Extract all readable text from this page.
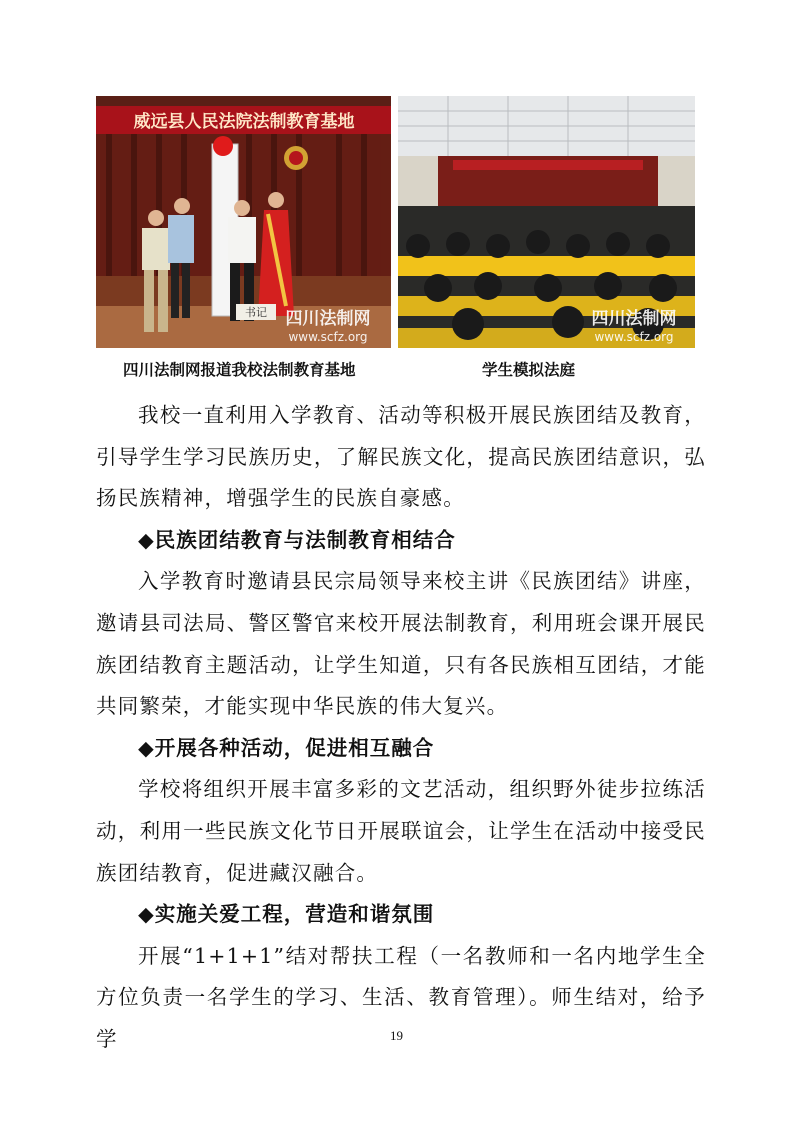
威远县人民法院法制教育基地
书记 四川法制网
www.scfz.org
四川法制网
www.scfz.org
四川法制网报道我校法制教育基地	学生模拟法庭

我校一直利用入学教育、活动等积极开展民族团结及教育，引导学生学习民族历史，了解民族文化，提高民族团结意识，弘扬民族精神，增强学生的民族自豪感。

◆民族团结教育与法制教育相结合

入学教育时邀请县民宗局领导来校主讲《民族团结》讲座，邀请县司法局、警区警官来校开展法制教育，利用班会课开展民族团结教育主题活动，让学生知道，只有各民族相互团结，才能共同繁荣，才能实现中华民族的伟大复兴。

◆开展各种活动，促进相互融合

学校将组织开展丰富多彩的文艺活动，组织野外徒步拉练活动，利用一些民族文化节日开展联谊会，让学生在活动中接受民族团结教育，促进藏汉融合。

◆实施关爱工程，营造和谐氛围

开展“1+1+1”结对帮扶工程（一名教师和一名内地学生全方位负责一名学生的学习、生活、教育管理）。师生结对，给予学	19
